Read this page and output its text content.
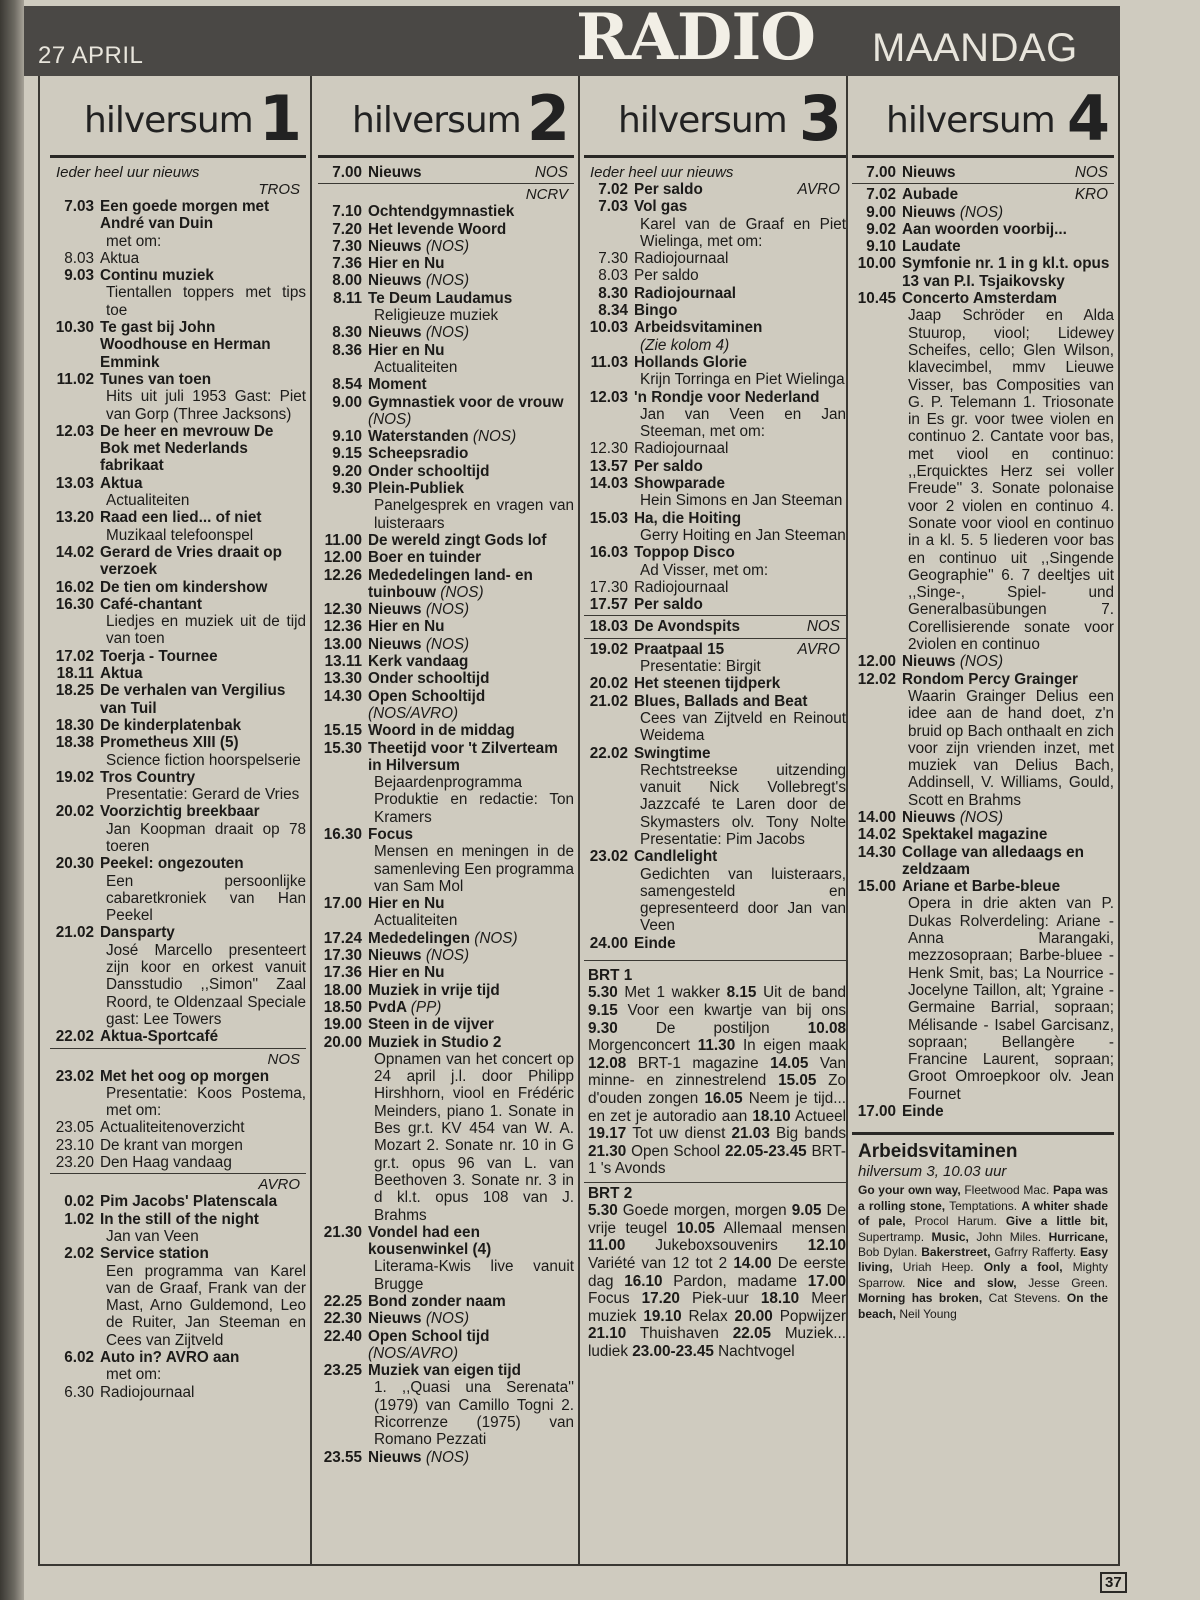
27 APRIL	RADIO MAANDAG
hilversum 1
Ieder heel uur nieuws
TROS
7.03 Een goede morgen met André van Duin
met om:
8.03 Aktua
9.03 Continu muziek
Tientallen toppers met tips toe
10.30 Te gast bij John Woodhouse en Herman Emmink
11.02 Tunes van toen
Hits uit juli 1953 Gast: Piet van Gorp (Three Jacksons)
12.03 De heer en mevrouw De Bok met Nederlands fabrikaat
13.03 Aktua
Actualiteiten
13.20 Raad een lied... of niet
Muzikaal telefoonspel
14.02 Gerard de Vries draait op verzoek
16.02 De tien om kindershow
16.30 Café-chantant
Liedjes en muziek uit de tijd van toen
17.02 Toerja - Tournee
18.11 Aktua
18.25 De verhalen van Vergilius van Tuil
18.30 De kinderplatenbak
18.38 Prometheus XIII (5)
Science fiction hoorspelserie
19.02 Tros Country
Presentatie: Gerard de Vries
20.02 Voorzichtig breekbaar
Jan Koopman draait op 78 toeren
20.30 Peekel: ongezouten
Een persoonlijke cabaretkroniek van Han Peekel
21.02 Dansparty
José Marcello presenteert zijn koor en orkest vanuit Dansstudio ,,Simon'' Zaal Roord, te Oldenzaal Speciale gast: Lee Towers
22.02 Aktua-Sportcafé
NOS
23.02 Met het oog op morgen
Presentatie: Koos Postema, met om:
23.05 Actualiteitenoverzicht
23.10 De krant van morgen
23.20 Den Haag vandaag
AVRO
0.02 Pim Jacobs' Platenscala
1.02 In the still of the night
Jan van Veen
2.02 Service station
Een programma van Karel van de Graaf, Frank van der Mast, Arno Guldemond, Leo de Ruiter, Jan Steeman en Cees van Zijtveld
6.02 Auto in? AVRO aan
met om:
6.30 Radiojournaal
hilversum 2
7.00 Nieuws	NOS
NCRV
7.10 Ochtendgymnastiek
7.20 Het levende Woord
7.30 Nieuws (NOS)
7.36 Hier en Nu
8.00 Nieuws (NOS)
8.11 Te Deum Laudamus
Religieuze muziek
8.30 Nieuws (NOS)
8.36 Hier en Nu
Actualiteiten
8.54 Moment
9.00 Gymnastiek voor de vrouw (NOS)
9.10 Waterstanden (NOS)
9.15 Scheepsradio
9.20 Onder schooltijd
9.30 Plein-Publiek
Panelgesprek en vragen van luisteraars
11.00 De wereld zingt Gods lof
12.00 Boer en tuinder
12.26 Mededelingen land- en tuinbouw (NOS)
12.30 Nieuws (NOS)
12.36 Hier en Nu
13.00 Nieuws (NOS)
13.11 Kerk vandaag
13.30 Onder schooltijd
14.30 Open Schooltijd (NOS/AVRO)
15.15 Woord in de middag
15.30 Theetijd voor 't Zilverteam in Hilversum
Bejaardenprogramma Produktie en redactie: Ton Kramers
16.30 Focus
Mensen en meningen in de samenleving Een programma van Sam Mol
17.00 Hier en Nu
Actualiteiten
17.24 Mededelingen (NOS)
17.30 Nieuws (NOS)
17.36 Hier en Nu
18.00 Muziek in vrije tijd
18.50 PvdA (PP)
19.00 Steen in de vijver
20.00 Muziek in Studio 2
Opnamen van het concert op 24 april j.l. door Philipp Hirshhorn, viool en Frédéric Meinders, piano 1. Sonate in Bes gr.t. KV 454 van W. A. Mozart 2. Sonate nr. 10 in G gr.t. opus 96 van L. van Beethoven 3. Sonate nr. 3 in d kl.t. opus 108 van J. Brahms
21.30 Vondel had een kousenwinkel (4)
Literama-Kwis live vanuit Brugge
22.25 Bond zonder naam
22.30 Nieuws (NOS)
22.40 Open School tijd (NOS/AVRO)
23.25 Muziek van eigen tijd
1. ,,Quasi una Serenata'' (1979) van Camillo Togni 2. Ricorrenze (1975) van Romano Pezzati
23.55 Nieuws (NOS)
hilversum 3
Ieder heel uur nieuws
7.02 Per saldo	AVRO
7.03 Vol gas
Karel van de Graaf en Piet Wielinga, met om:
7.30 Radiojournaal
8.03 Per saldo
8.30 Radiojournaal
8.34 Bingo
10.03 Arbeidsvitaminen
(Zie kolom 4)
11.03 Hollands Glorie
Krijn Torringa en Piet Wielinga
12.03 'n Rondje voor Nederland
Jan van Veen en Jan Steeman, met om:
12.30 Radiojournaal
13.57 Per saldo
14.03 Showparade
Hein Simons en Jan Steeman
15.03 Ha, die Hoiting
Gerry Hoiting en Jan Steeman
16.03 Toppop Disco
Ad Visser, met om:
17.30 Radiojournaal
17.57 Per saldo
18.03 De Avondspits	NOS
19.02 Praatpaal 15	AVRO
Presentatie: Birgit
20.02 Het steenen tijdperk
21.02 Blues, Ballads and Beat
Cees van Zijtveld en Reinout Weidema
22.02 Swingtime
Rechtstreekse uitzending vanuit Nick Vollebregt's Jazzcafé te Laren door de Skymasters olv. Tony Nolte Presentatie: Pim Jacobs
23.02 Candlelight
Gedichten van luisteraars, samengesteld en gepresenteerd door Jan van Veen
24.00 Einde
BRT 1
5.30 Met 1 wakker 8.15 Uit de band 9.15 Voor een kwartje van bij ons 9.30 De postiljon 10.08 Morgenconcert 11.30 In eigen maak 12.08 BRT-1 magazine 14.05 Van minne- en zinnestrelend 15.05 Zo d'ouden zongen 16.05 Neem je tijd... en zet je autoradio aan 18.10 Actueel 19.17 Tot uw dienst 21.03 Big bands 21.30 Open School 22.05-23.45 BRT-1 's Avonds
BRT 2
5.30 Goede morgen, morgen 9.05 De vrije teugel 10.05 Allemaal mensen 11.00 Jukeboxsouvenirs 12.10 Variété van 12 tot 2 14.00 De eerste dag 16.10 Pardon, madame 17.00 Focus 17.20 Piek-uur 18.10 Meer muziek 19.10 Relax 20.00 Popwijzer 21.10 Thuishaven 22.05 Muziek... ludiek 23.00-23.45 Nachtvogel
hilversum 4
7.00 Nieuws	NOS
7.02 Aubade	KRO
9.00 Nieuws (NOS)
9.02 Aan woorden voorbij...
9.10 Laudate
10.00 Symfonie nr. 1 in g kl.t. opus 13 van P.I. Tsjaikovsky
10.45 Concerto Amsterdam
Jaap Schröder en Alda Stuurop, viool; Lidewey Scheifes, cello; Glen Wilson, klavecimbel, mmv Lieuwe Visser, bas Composities van G. P. Telemann 1. Triosonate in Es gr. voor twee violen en continuo 2. Cantate voor bas, met viool en continuo: ,,Erquicktes Herz sei voller Freude'' 3. Sonate polonaise voor 2 violen en continuo 4. Sonate voor viool en continuo in a kl. 5. 5 liederen voor bas en continuo uit ,,Singende Geographie'' 6. 7 deeltjes uit ,,Singe-, Spiel- und Generalbasübungen 7. Corellisierende sonate voor 2violen en continuo
12.00 Nieuws (NOS)
12.02 Rondom Percy Grainger
Waarin Grainger Delius een idee aan de hand doet, z'n bruid op Bach onthaalt en zich voor zijn vrienden inzet, met muziek van Delius Bach, Addinsell, V. Williams, Gould, Scott en Brahms
14.00 Nieuws (NOS)
14.02 Spektakel magazine
14.30 Collage van alledaags en zeldzaam
15.00 Ariane et Barbe-bleue
Opera in drie akten van P. Dukas Rolverdeling: Ariane - Anna Marangaki, mezzosopraan; Barbe-bluee - Henk Smit, bas; La Nourrice - Jocelyne Taillon, alt; Ygraine - Germaine Barrial, sopraan; Mélisande - Isabel Garcisanz, sopraan; Bellangère - Francine Laurent, sopraan; Groot Omroepkoor olv. Jean Fournet
17.00 Einde
Arbeidsvitaminen
hilversum 3, 10.03 uur
Go your own way, Fleetwood Mac. Papa was a rolling stone, Temptations. A whiter shade of pale, Procol Harum. Give a little bit, Supertramp. Music, John Miles. Hurricane, Bob Dylan. Bakerstreet, Gafrry Rafferty. Easy living, Uriah Heep. Only a fool, Mighty Sparrow. Nice and slow, Jesse Green. Morning has broken, Cat Stevens. On the beach, Neil Young
37
